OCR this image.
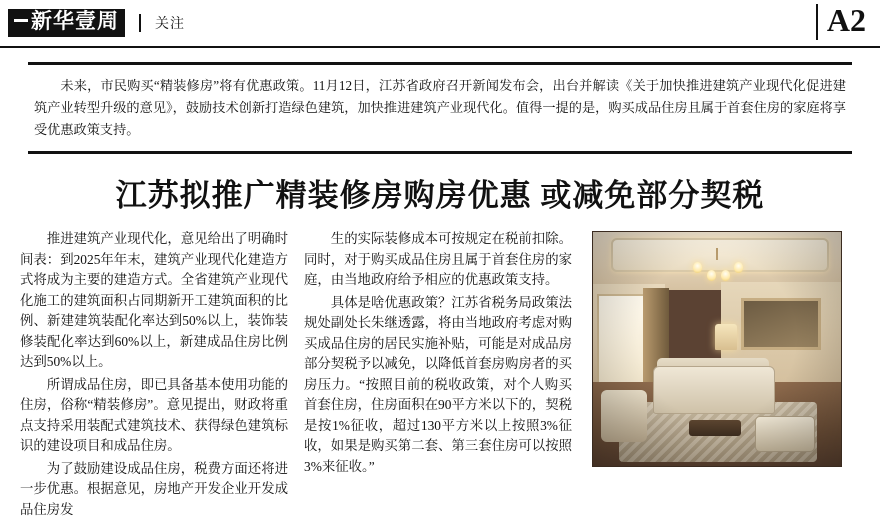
新华壹周	关注	A2
未来，市民购买“精装修房”将有优惠政策。11月12日，江苏省政府召开新闻发布会，出台并解读《关于加快推进建筑产业现代化促进建筑产业转型升级的意见》，鼓励技术创新打造绿色建筑，加快推进建筑产业现代化。值得一提的是，购买成品住房且属于首套住房的家庭将享受优惠政策支持。
江苏拟推广精装修房购房优惠 或减免部分契税

推进建筑产业现代化，意见给出了明确时间表：到2025年年末，建筑产业现代化建造方式将成为主要的建造方式。全省建筑产业现代化施工的建筑面积占同期新开工建筑面积的比例、新建建筑装配化率达到50%以上，装饰装修装配化率达到60%以上，新建成品住房比例达到50%以上。

所谓成品住房，即已具备基本使用功能的住房，俗称“精装修房”。意见提出，财政将重点支持采用装配式建筑技术、获得绿色建筑标识的建设项目和成品住房。

为了鼓励建设成品住房，税费方面还将进一步优惠。根据意见，房地产开发企业开发成品住房发

生的实际装修成本可按规定在税前扣除。同时，对于购买成品住房且属于首套住房的家庭，由当地政府给予相应的优惠政策支持。

具体是啥优惠政策？江苏省税务局政策法规处副处长朱继透露，将由当地政府考虑对购买成品住房的居民实施补贴，可能是对成品房部分契税予以减免，以降低首套房购房者的买房压力。“按照目前的税收政策，对个人购买首套住房，住房面积在90平方米以下的，契税是按1%征收，超过130平方米以上按照3%征收，如果是购买第二套、第三套住房可以按照3%来征收。”
